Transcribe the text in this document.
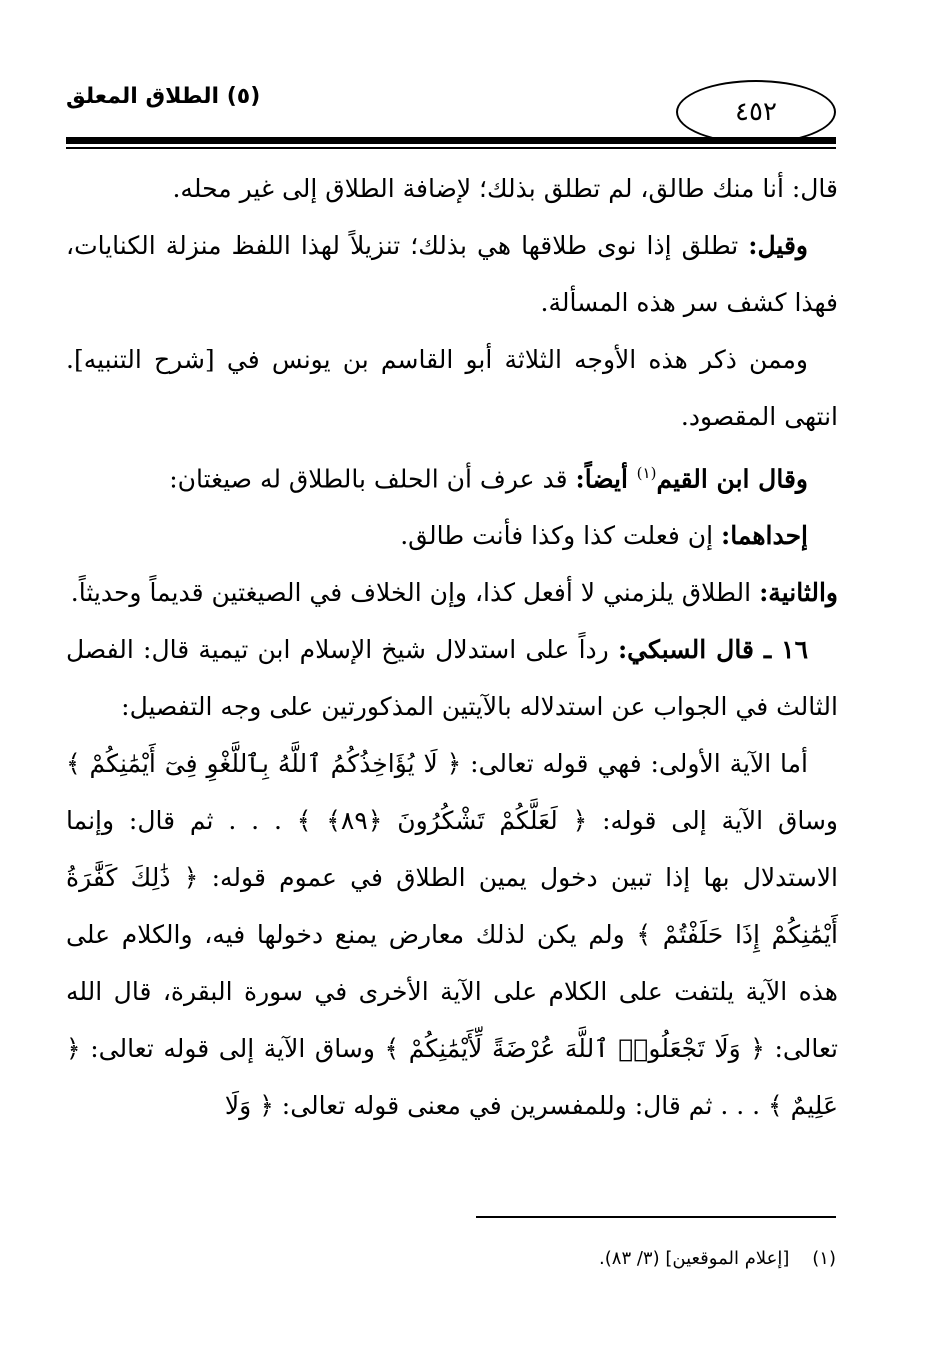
(٥) الطلاق المعلق
٤٥٢

قال: أنا منك طالق، لم تطلق بذلك؛ لإضافة الطلاق إلى غير محله.

وقيل: تطلق إذا نوى طلاقها هي بذلك؛ تنزيلاً لهذا اللفظ منزلة الكنايات، فهذا كشف سر هذه المسألة.

وممن ذكر هذه الأوجه الثلاثة أبو القاسم بن يونس في [شرح التنبيه]. انتهى المقصود.

وقال ابن القيم$^{(١)}$ أيضاً: قد عرف أن الحلف بالطلاق له صيغتان:

إحداهما: إن فعلت كذا وكذا فأنت طالق.

والثانية: الطلاق يلزمني لا أفعل كذا، وإن الخلاف في الصيغتين قديماً وحديثاً.

١٦ ـ قال السبكي: رداً على استدلال شيخ الإسلام ابن تيمية قال: الفصل الثالث في الجواب عن استدلاله بالآيتين المذكورتين على وجه التفصيل:

أما الآية الأولى: فهي قوله تعالى: ﴿ لَا يُؤَاخِذُكُمُ ٱللَّهُ بِٱللَّغْوِ فِىٓ أَيْمَٰنِكُمْ ﴾ وساق الآية إلى قوله: ﴿ لَعَلَّكُمْ تَشْكُرُونَ ﴿٨٩﴾ ﴾ . . . ثم قال: وإنما الاستدلال بها إذا تبين دخول يمين الطلاق في عموم قوله: ﴿ ذَٰلِكَ كَفَّٰرَةُ أَيْمَٰنِكُمْ إِذَا حَلَفْتُمْ ﴾ ولم يكن لذلك معارض يمنع دخولها فيه، والكلام على هذه الآية يلتفت على الكلام على الآية الأخرى في سورة البقرة، قال الله تعالى: ﴿ وَلَا تَجْعَلُوا۟ ٱللَّهَ عُرْضَةً لِّأَيْمَٰنِكُمْ ﴾ وساق الآية إلى قوله تعالى: ﴿ عَلِيمٌ ﴾ . . . ثم قال: وللمفسرين في معنى قوله تعالى: ﴿ وَلَا

(١)    [إعلام الموقعين] (٣/ ٨٣).
